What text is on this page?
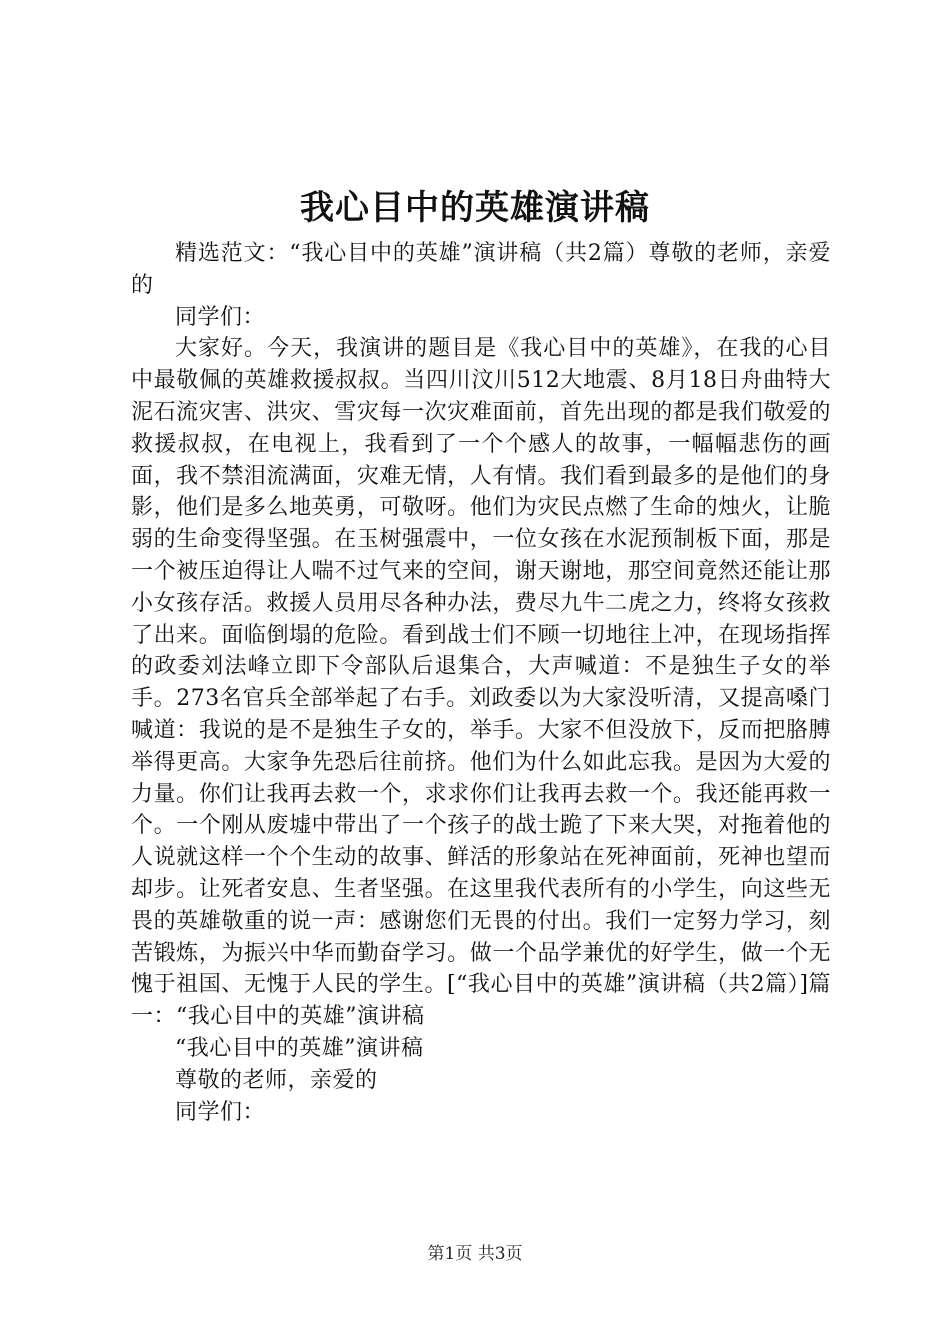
我心目中的英雄演讲稿

精选范文：“我心目中的英雄”演讲稿（共2篇）尊敬的老师，亲爱的

同学们：

大家好。今天，我演讲的题目是《我心目中的英雄》，在我的心目中最敬佩的英雄救援叔叔。当四川汶川512大地震、8月18日舟曲特大泥石流灾害、洪灾、雪灾每一次灾难面前，首先出现的都是我们敬爱的救援叔叔，在电视上，我看到了一个个感人的故事，一幅幅悲伤的画面，我不禁泪流满面，灾难无情，人有情。我们看到最多的是他们的身影，他们是多么地英勇，可敬呀。他们为灾民点燃了生命的烛火，让脆弱的生命变得坚强。在玉树强震中，一位女孩在水泥预制板下面，那是一个被压迫得让人喘不过气来的空间，谢天谢地，那空间竟然还能让那小女孩存活。救援人员用尽各种办法，费尽九牛二虎之力，终将女孩救了出来。面临倒塌的危险。看到战士们不顾一切地往上冲，在现场指挥的政委刘法峰立即下令部队后退集合，大声喊道：不是独生子女的举手。273名官兵全部举起了右手。刘政委以为大家没听清，又提高嗓门喊道：我说的是不是独生子女的，举手。大家不但没放下，反而把胳膊举得更高。大家争先恐后往前挤。他们为什么如此忘我。是因为大爱的力量。你们让我再去救一个，求求你们让我再去救一个。我还能再救一个。一个刚从废墟中带出了一个孩子的战士跪了下来大哭，对拖着他的人说就这样一个个生动的故事、鲜活的形象站在死神面前，死神也望而却步。让死者安息、生者坚强。在这里我代表所有的小学生，向这些无畏的英雄敬重的说一声：感谢您们无畏的付出。我们一定努力学习，刻苦锻炼，为振兴中华而勤奋学习。做一个品学兼优的好学生，做一个无愧于祖国、无愧于人民的学生。[“我心目中的英雄”演讲稿（共2篇）]篇一：“我心目中的英雄”演讲稿

“我心目中的英雄”演讲稿

尊敬的老师，亲爱的

同学们：

第1页 共3页
